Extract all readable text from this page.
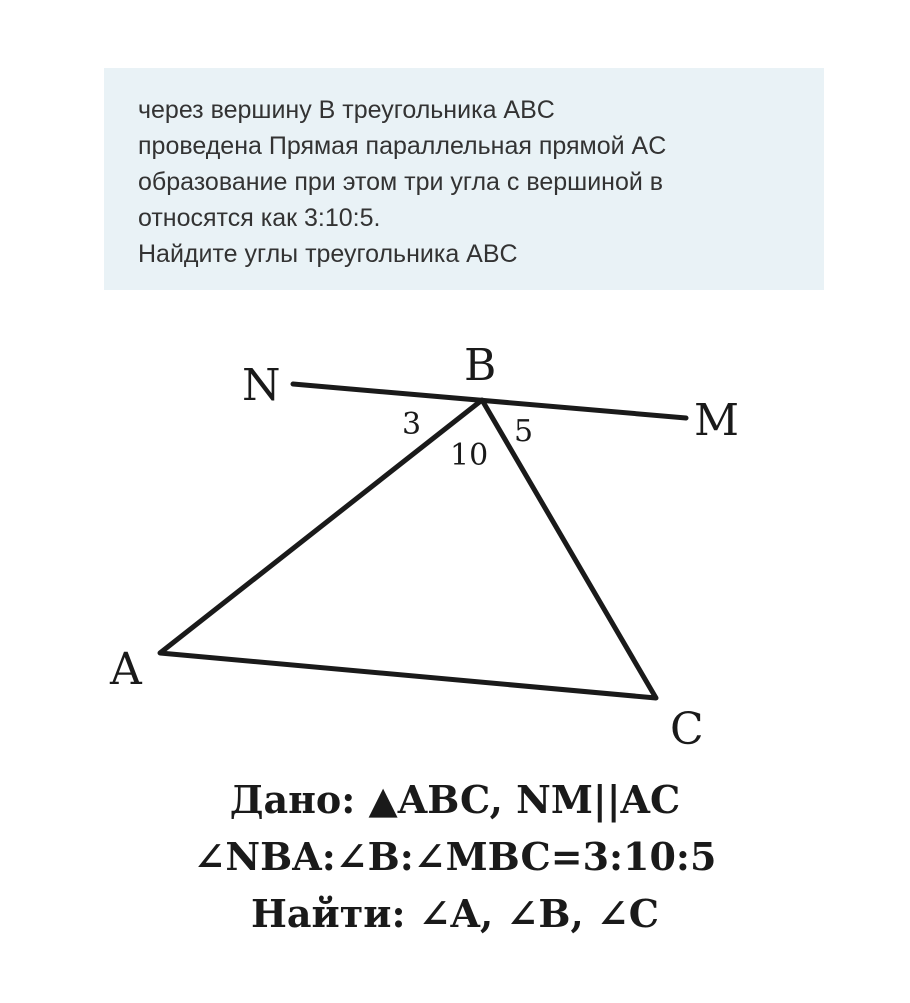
через вершину B треугольника ABC
проведена Прямая параллельная прямой AC
образование при этом три угла с вершиной в
относятся как 3:10:5.
Найдите углы треугольника ABC
N	B
M
A
C
3
10
5
Дано: ▲ABC, NM||AC
∠NBA:∠B:∠MBC=3:10:5
Найти: ∠A, ∠B, ∠C
